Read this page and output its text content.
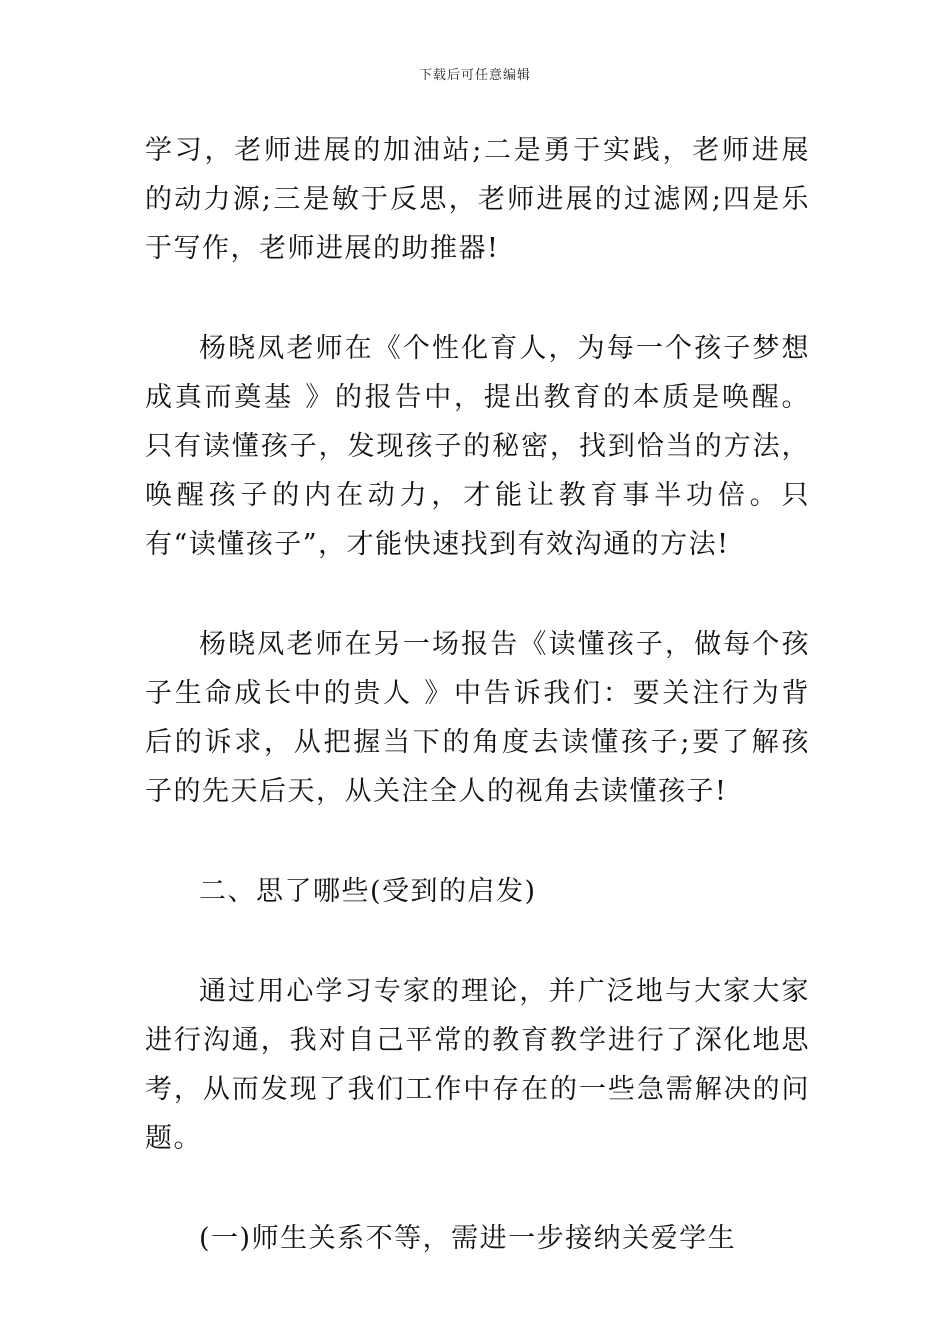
下载后可任意编辑

学习，老师进展的加油站;二是勇于实践，老师进展的动力源;三是敏于反思，老师进展的过滤网;四是乐于写作，老师进展的助推器!

杨晓凤老师在《个性化育人，为每一个孩子梦想成真而奠基 》的报告中，提出教育的本质是唤醒。只有读懂孩子，发现孩子的秘密，找到恰当的方法，唤醒孩子的内在动力，才能让教育事半功倍。只有“读懂孩子”，才能快速找到有效沟通的方法!

杨晓凤老师在另一场报告《读懂孩子，做每个孩子生命成长中的贵人 》中告诉我们：要关注行为背后的诉求，从把握当下的角度去读懂孩子;要了解孩子的先天后天，从关注全人的视角去读懂孩子!

二、思了哪些(受到的启发)

通过用心学习专家的理论，并广泛地与大家大家进行沟通，我对自己平常的教育教学进行了深化地思考，从而发现了我们工作中存在的一些急需解决的问题。

(一)师生关系不等，需进一步接纳关爱学生
